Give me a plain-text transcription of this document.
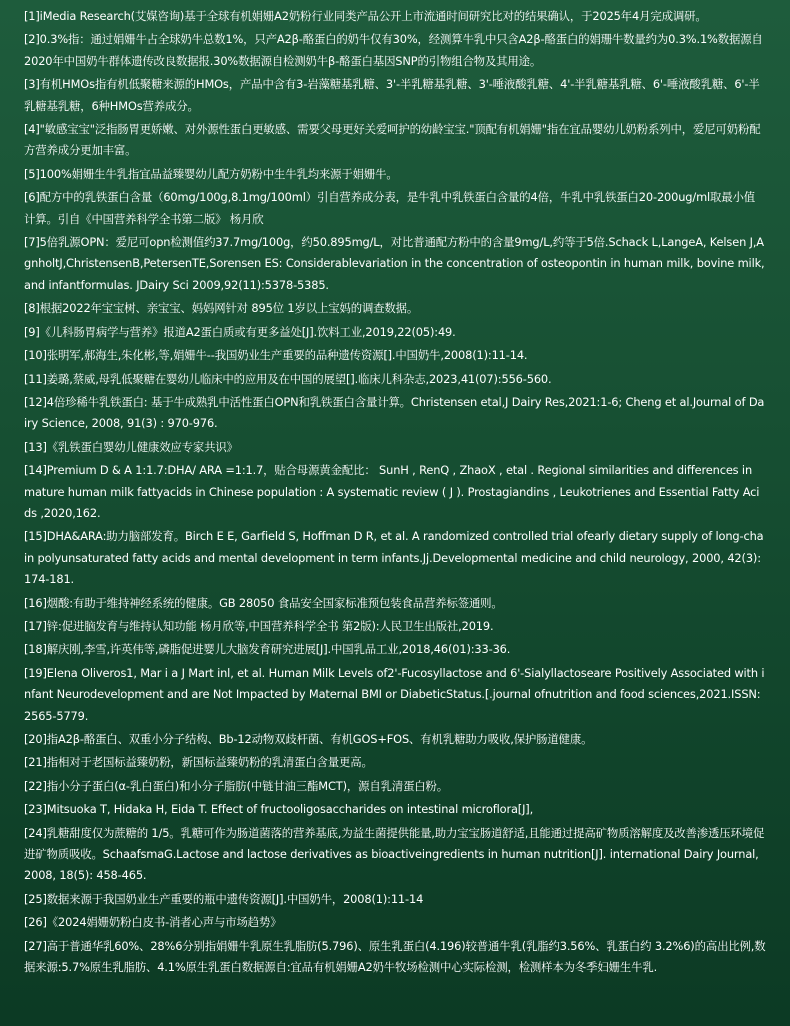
[1]iMedia Research(艾媒咨询)基于全球有机娟姗A2奶粉行业同类产品公开上市流通时间研究比对的结果确认，于2025年4月完成调研。

[2]0.3%指：通过娟姗牛占全球奶牛总数1%，只产A2β-酪蛋白的奶牛仅有30%，经测算牛乳中只含A2β-酪蛋白的娟珊牛数量约为0.3%.1%数据源自2020年中国奶牛群体遗传改良数据报.30%数据源自检测奶牛β-酪蛋白基因SNP的引物组合物及其用途。

[3]有机HMOs指有机低聚糖来源的HMOs，产品中含有3-岩藻糖基乳糖、3'-半乳糖基乳糖、3'-唾液酸乳糖、4'-半乳糖基乳糖、6'-唾液酸乳糖、6'-半乳糖基乳糖，6种HMOs营养成分。

[4]"敏感宝宝"泛指肠胃更娇嫩、对外源性蛋白更敏感、需要父母更好关爱呵护的幼龄宝宝."顶配有机娟姗"指在宜品婴幼儿奶粉系列中，爱尼可奶粉配方营养成分更加丰富。

[5]100%娟姗生牛乳指宜品益臻婴幼儿配方奶粉中生牛乳均来源于娟姗牛。

[6]配方中的乳铁蛋白含量（60mg/100g,8.1mg/100ml）引自营养成分表，是牛乳中乳铁蛋白含量的4倍，牛乳中乳铁蛋白20-200ug/ml取最小值计算。引自《中国营养科学全书第二版》 杨月欣

[7]5倍乳源OPN：爱尼可opn检测值约37.7mg/100g，约50.895mg/L，对比普通配方粉中的含量9mg/L,约等于5倍.Schack L,LangeA, Kelsen J,AgnholtJ,ChristensenB,PetersenTE,Sorensen ES: Considerablevariation in the concentration of osteopontin in human milk, bovine milk, and infantformulas. JDairy Sci 2009,92(11):5378-5385.

[8]根据2022年宝宝树、亲宝宝、妈妈网针对 895位 1岁以上宝妈的调查数据。

[9]《儿科肠胃病学与营养》报道A2蛋白质或有更多益处[J].饮料工业,2019,22(05):49.

[10]张明军,郝海生,朱化彬,等,娟姗牛--我国奶业生产重要的品种遗传资源[].中国奶牛,2008(1):11-14.

[11]姜璐,蔡威,母乳低聚糖在婴幼儿临床中的应用及在中国的展望[].临床儿科杂志,2023,41(07):556-560.

[12]4倍珍稀牛乳铁蛋白: 基于牛成熟乳中活性蛋白OPN和乳铁蛋白含量计算。Christensen etal,J Dairy Res,2021:1-6; Cheng et al.Journal of Dairy Science, 2008, 91(3) : 970-976.

[13]《乳铁蛋白婴幼儿健康效应专家共识》

[14]Premium D & A 1:1.7:DHA/ ARA =1:1.7，贴合母源黄金配比： SunH , RenQ , ZhaoX , etal . Regional similarities and differences in mature human milk fattyacids in Chinese population : A systematic review ( J ). Prostagiandins , Leukotrienes and Essential Fatty Acids ,2020,162.

[15]DHA&ARA:助力脑部发育。Birch E E, Garfield S, Hoffman D R, et al. A randomized controlled trial ofearly dietary supply of long-chain polyunsaturated fatty acids and mental development in term infants.Jj.Developmental medicine and child neurology, 2000, 42(3): 174-181.

[16]烟酸:有助于维持神经系统的健康。GB 28050 食品安全国家标准预包装食品营养标签通则。

[17]锌:促进脑发育与维持认知功能 杨月欣等,中国营养科学全书 第2版):人民卫生出版社,2019.

[18]解庆刚,李雪,许英伟等,磷脂促进婴儿大脑发育研究进展[J].中国乳品工业,2018,46(01):33-36.

[19]Elena Oliveros1, Mar i a J Mart inl, et al. Human Milk Levels of2'-Fucosyllactose and 6'-Sialyllactoseare Positively Associated with infant Neurodevelopment and are Not Impacted by Maternal BMI or DiabeticStatus.[.journal ofnutrition and food sciences,2021.ISSN: 2565-5779.

[20]指A2β-酪蛋白、双重小分子结构、Bb-12动物双歧杆菌、有机GOS+FOS、有机乳糖助力吸收,保护肠道健康。

[21]指相对于老国标益臻奶粉，新国标益臻奶粉的乳清蛋白含量更高。

[22]指小分子蛋白(α-乳白蛋白)和小分子脂肪(中链甘油三酯MCT)，源自乳清蛋白粉。

[23]Mitsuoka T, Hidaka H, Eida T. Effect of fructooligosaccharides on intestinal microflora[J],

[24]乳糖甜度仅为蔗糖的 1/5。乳糖可作为肠道菌落的营养基底,为益生菌提供能量,助力宝宝肠道舒适,且能通过提高矿物质溶解度及改善渗透压环境促进矿物质吸收。SchaafsmaG.Lactose and lactose derivatives as bioactiveingredients in human nutrition[J]. international Dairy Journal, 2008, 18(5): 458-465.

[25]数据来源于我国奶业生产重要的瓶中遗传资源[J].中国奶牛，2008(1):11-14

[26]《2024娟姗奶粉白皮书-消者心声与市场趋势》

[27]高于普通华乳60%、28%6分别指娟姗牛乳原生乳脂肪(5.796)、原生乳蛋白(4.196)较普通牛乳(乳脂约3.56%、乳蛋白约 3.2%6)的高出比例,数据来源:5.7%原生乳脂肪、4.1%原生乳蛋白数据源自:宜品有机娟姗A2奶牛牧场检测中心实际检测，检测样本为冬季妇姗生牛乳.
